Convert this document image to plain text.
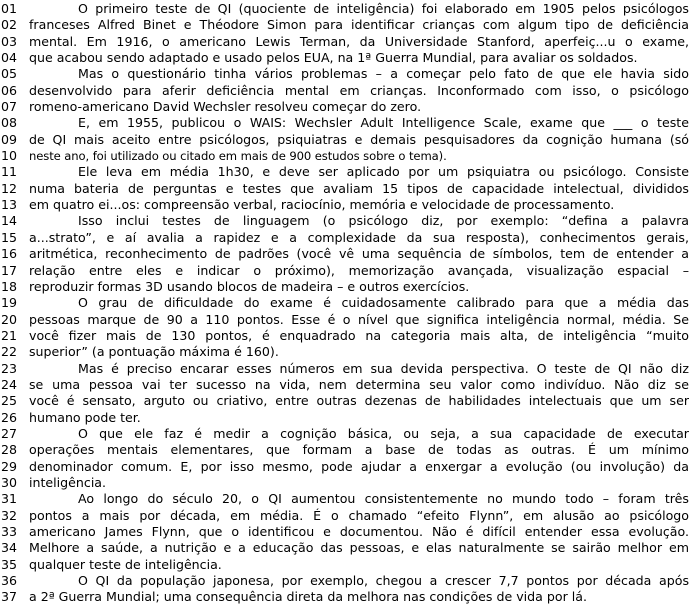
01	O primeiro teste de QI (quociente de inteligência) foi elaborado em 1905 pelos psicólogos
02 franceses Alfred Binet e Théodore Simon para identificar crianças com algum tipo de deficiência
03 mental. Em 1916, o americano Lewis Terman, da Universidade Stanford, aperfeiç...u o exame,
04 que acabou sendo adaptado e usado pelos EUA, na 1ª Guerra Mundial, para avaliar os soldados.
05	Mas o questionário tinha vários problemas – a começar pelo fato de que ele havia sido
06 desenvolvido para aferir deficiência mental em crianças. Inconformado com isso, o psicólogo
07 romeno-americano David Wechsler resolveu começar do zero.
08	E, em 1955, publicou o WAIS: Wechsler Adult Intelligence Scale, exame que ___ o teste
09 de QI mais aceito entre psicólogos, psiquiatras e demais pesquisadores da cognição humana (só
10	neste ano, foi utilizado ou citado em mais de 900 estudos sobre o tema).
11	Ele leva em média 1h30, e deve ser aplicado por um psiquiatra ou psicólogo. Consiste
12 numa bateria de perguntas e testes que avaliam 15 tipos de capacidade intelectual, divididos
13 em quatro ei...os: compreensão verbal, raciocínio, memória e velocidade de processamento.
14	Isso inclui testes de linguagem (o psicólogo diz, por exemplo: “defina a palavra
15 a...strato”, e aí avalia a rapidez e a complexidade da sua resposta), conhecimentos gerais,
16 aritmética, reconhecimento de padrões (você vê uma sequência de símbolos, tem de entender a
17 relação entre eles e indicar o próximo), memorização avançada, visualização espacial –
18 reproduzir formas 3D usando blocos de madeira – e outros exercícios.
19	O grau de dificuldade do exame é cuidadosamente calibrado para que a média das
20 pessoas marque de 90 a 110 pontos. Esse é o nível que significa inteligência normal, média. Se
21 você fizer mais de 130 pontos, é enquadrado na categoria mais alta, de inteligência “muito
22 superior” (a pontuação máxima é 160).
23	Mas é preciso encarar esses números em sua devida perspectiva. O teste de QI não diz
24 se uma pessoa vai ter sucesso na vida, nem determina seu valor como indivíduo. Não diz se
25 você é sensato, arguto ou criativo, entre outras dezenas de habilidades intelectuais que um ser
26 humano pode ter.
27	O que ele faz é medir a cognição básica, ou seja, a sua capacidade de executar
28 operações mentais elementares, que formam a base de todas as outras. É um mínimo
29 denominador comum. E, por isso mesmo, pode ajudar a enxergar a evolução (ou involução) da
30 inteligência.
31	Ao longo do século 20, o QI aumentou consistentemente no mundo todo – foram três
32 pontos a mais por década, em média. É o chamado “efeito Flynn”, em alusão ao psicólogo
33 americano James Flynn, que o identificou e documentou. Não é difícil entender essa evolução.
34 Melhore a saúde, a nutrição e a educação das pessoas, e elas naturalmente se sairão melhor em
35 qualquer teste de inteligência.
36	O QI da população japonesa, por exemplo, chegou a crescer 7,7 pontos por década após
37 a 2ª Guerra Mundial; uma consequência direta da melhora nas condições de vida por lá.
